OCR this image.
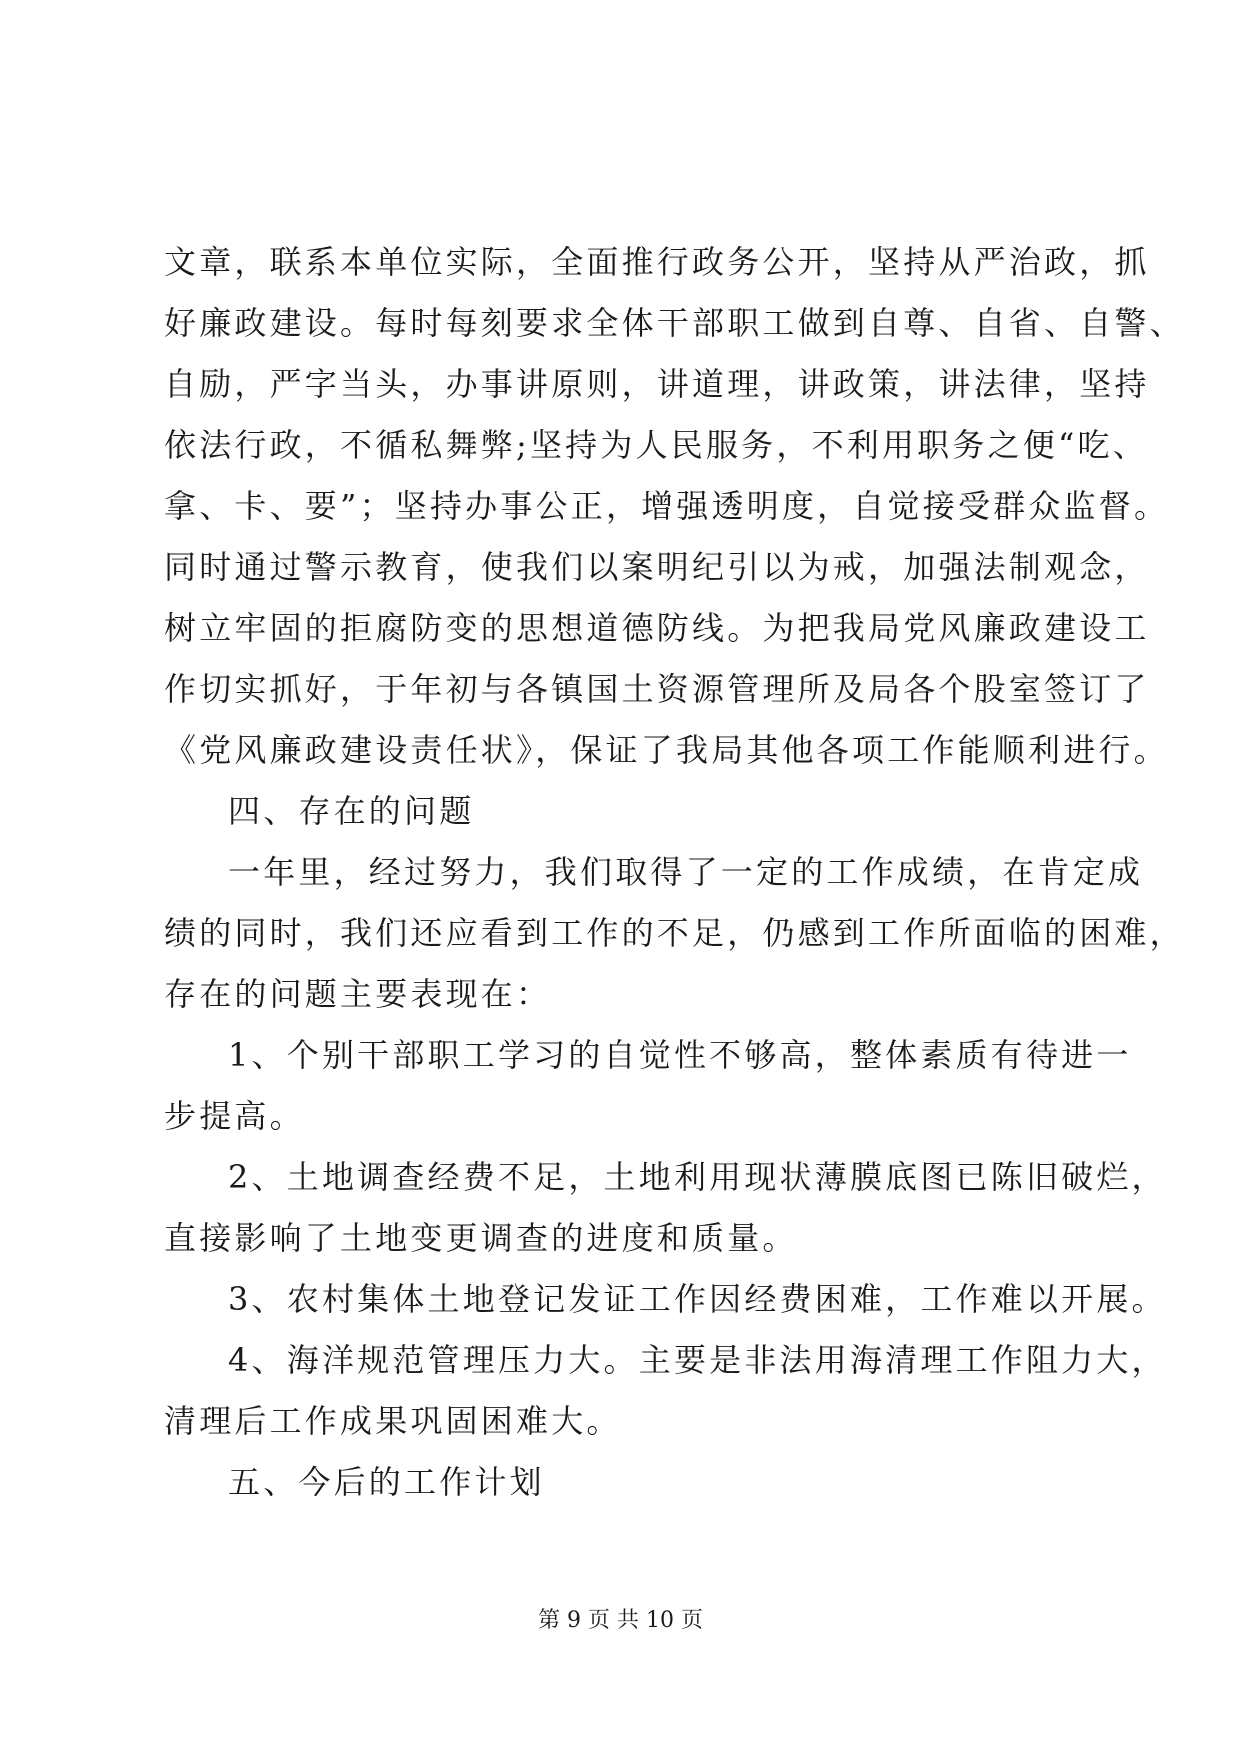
文章，联系本单位实际，全面推行政务公开，坚持从严治政，抓
好廉政建设。每时每刻要求全体干部职工做到自尊、自省、自警、
自励，严字当头，办事讲原则，讲道理，讲政策，讲法律，坚持
依法行政，不循私舞弊;坚持为人民服务，不利用职务之便“吃、
拿、卡、要”；坚持办事公正，增强透明度，自觉接受群众监督。
同时通过警示教育，使我们以案明纪引以为戒，加强法制观念，
树立牢固的拒腐防变的思想道德防线。为把我局党风廉政建设工
作切实抓好，于年初与各镇国土资源管理所及局各个股室签订了
《党风廉政建设责任状》，保证了我局其他各项工作能顺利进行。
四、存在的问题
一年里，经过努力，我们取得了一定的工作成绩，在肯定成
绩的同时，我们还应看到工作的不足，仍感到工作所面临的困难，
存在的问题主要表现在：
1、个别干部职工学习的自觉性不够高，整体素质有待进一
步提高。
2、土地调查经费不足，土地利用现状薄膜底图已陈旧破烂，
直接影响了土地变更调查的进度和质量。
3、农村集体土地登记发证工作因经费困难，工作难以开展。
4、海洋规范管理压力大。主要是非法用海清理工作阻力大，
清理后工作成果巩固困难大。
五、今后的工作计划
第 9 页 共 10 页
